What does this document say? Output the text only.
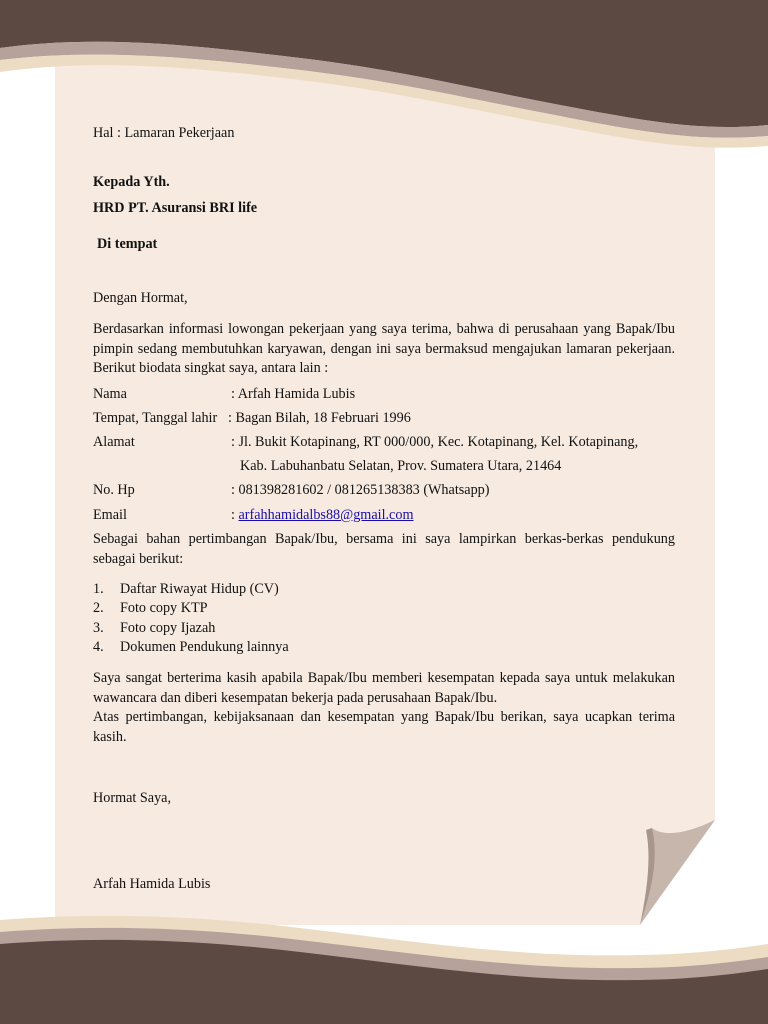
Hal : Lamaran Pekerjaan
Kepada Yth.
HRD PT. Asuransi BRI life
Di tempat
Dengan Hormat,
Berdasarkan informasi lowongan pekerjaan yang saya terima, bahwa di perusahaan yang Bapak/Ibu pimpin sedang membutuhkan karyawan, dengan ini saya bermaksud mengajukan lamaran pekerjaan. Berikut biodata singkat saya, antara lain :
Nama	: Arfah Hamida Lubis
Tempat, Tanggal lahir : Bagan Bilah, 18 Februari 1996
Alamat	: Jl. Bukit Kotapinang, RT 000/000, Kec. Kotapinang, Kel. Kotapinang,
Kab. Labuhanbatu Selatan, Prov. Sumatera Utara, 21464
No. Hp	: 081398281602 / 081265138383 (Whatsapp)
Email	: arfahhamidalbs88@gmail.com
Sebagai bahan pertimbangan Bapak/Ibu, bersama ini saya lampirkan berkas-berkas pendukung sebagai berikut:
1. Daftar Riwayat Hidup (CV)
2. Foto copy KTP
3. Foto copy Ijazah
4. Dokumen Pendukung lainnya
Saya sangat berterima kasih apabila Bapak/Ibu memberi kesempatan kepada saya untuk melakukan wawancara dan diberi kesempatan bekerja pada perusahaan Bapak/Ibu.
Atas pertimbangan, kebijaksanaan dan kesempatan yang Bapak/Ibu berikan, saya ucapkan terima kasih.
Hormat Saya,
Arfah Hamida Lubis
